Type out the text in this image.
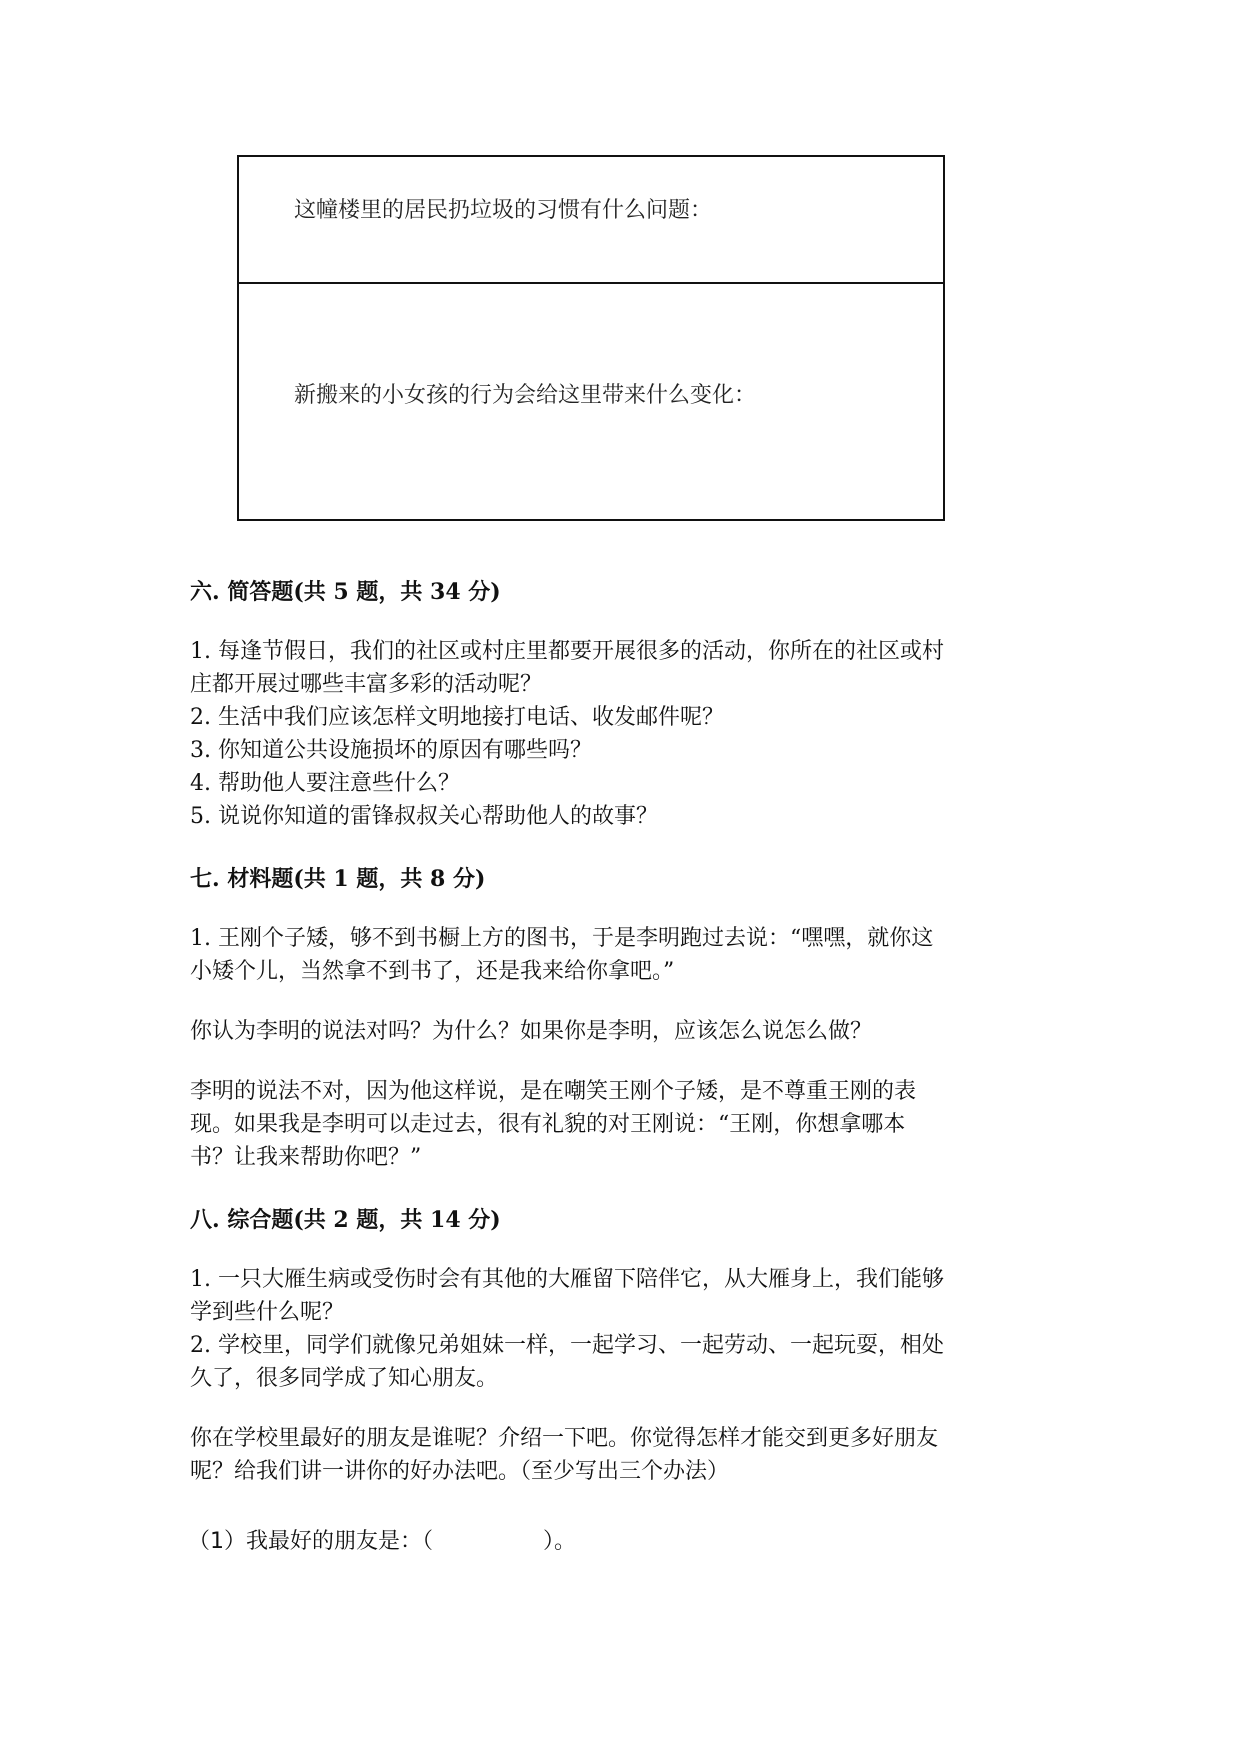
这幢楼里的居民扔垃圾的习惯有什么问题：
新搬来的小女孩的行为会给这里带来什么变化：
六. 简答题(共 5 题，共 34 分)
1. 每逢节假日，我们的社区或村庄里都要开展很多的活动，你所在的社区或村
庄都开展过哪些丰富多彩的活动呢？
2. 生活中我们应该怎样文明地接打电话、收发邮件呢？
3. 你知道公共设施损坏的原因有哪些吗？
4. 帮助他人要注意些什么？
5. 说说你知道的雷锋叔叔关心帮助他人的故事？
七. 材料题(共 1 题，共 8 分)
1. 王刚个子矮，够不到书橱上方的图书，于是李明跑过去说：“嘿嘿，就你这
小矮个儿，当然拿不到书了，还是我来给你拿吧。”
你认为李明的说法对吗？为什么？如果你是李明，应该怎么说怎么做？
李明的说法不对，因为他这样说，是在嘲笑王刚个子矮，是不尊重王刚的表
现。如果我是李明可以走过去，很有礼貌的对王刚说：“王刚，你想拿哪本
书？让我来帮助你吧？”
八. 综合题(共 2 题，共 14 分)
1. 一只大雁生病或受伤时会有其他的大雁留下陪伴它，从大雁身上，我们能够
学到些什么呢？
2. 学校里，同学们就像兄弟姐妹一样，一起学习、一起劳动、一起玩耍，相处
久了，很多同学成了知心朋友。
你在学校里最好的朋友是谁呢？介绍一下吧。你觉得怎样才能交到更多好朋友
呢？给我们讲一讲你的好办法吧。（至少写出三个办法）
（1）我最好的朋友是：（　　　　　）。
